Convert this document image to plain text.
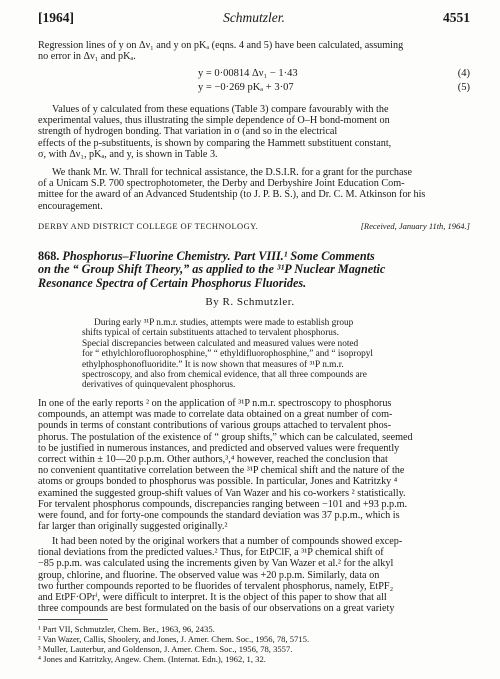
[1964]	Schmutzler.	4551
Regression lines of y on Δν₁ and y on pKₐ (eqns. 4 and 5) have been calculated, assuming
no error in Δν₁ and pKₐ.
y = 0·00814 Δν₁ − 1·43	(4)
y = −0·269 pKₐ + 3·07	(5)
Values of y calculated from these equations (Table 3) compare favourably with the
experimental values, thus illustrating the simple dependence of O–H bond-moment on
strength of hydrogen bonding. That variation in σ (and so in the electrical
effects of the p-substituents, is shown by comparing the Hammett substituent constant,
σ, with Δν₁, pKₐ, and y, is shown in Table 3.
We thank Mr. W. Thrall for technical assistance, the D.S.I.R. for a grant for the purchase
of a Unicam S.P. 700 spectrophotometer, the Derby and Derbyshire Joint Education Com-
mittee for the award of an Advanced Studentship (to J. P. B. S.), and Dr. C. M. Atkinson for his
encouragement.
DERBY AND DISTRICT COLLEGE OF TECHNOLOGY.	[Received, January 11th, 1964.]
868. Phosphorus–Fluorine Chemistry. Part VIII.¹ Some Comments
on the “ Group Shift Theory,” as applied to the ³¹P Nuclear Magnetic
Resonance Spectra of Certain Phosphorus Fluorides.
By R. Schmutzler.
During early ³¹P n.m.r. studies, attempts were made to establish group
shifts typical of certain substituents attached to tervalent phosphorus.
Special discrepancies between calculated and measured values were noted
for “ ethylchlorofluorophosphine,” “ ethyldifluorophosphine,” and “ isopropyl
ethylphosphonofluoridite.” It is now shown that measures of ³¹P n.m.r.
spectroscopy, and also from chemical evidence, that all three compounds are
derivatives of quinquevalent phosphorus.
In one of the early reports ² on the application of ³¹P n.m.r. spectroscopy to phosphorus
compounds, an attempt was made to correlate data obtained on a great number of com-
pounds in terms of constant contributions of various groups attached to tervalent phos-
phorus. The postulation of the existence of “ group shifts,” which can be calculated, seemed
to be justified in numerous instances, and predicted and observed values were frequently
correct within ± 10—20 p.p.m. Other authors,³,⁴ however, reached the conclusion that
no convenient quantitative correlation between the ³¹P chemical shift and the nature of the
atoms or groups bonded to phosphorus was possible. In particular, Jones and Katritzky ⁴
examined the suggested group-shift values of Van Wazer and his co-workers ² statistically.
For tervalent phosphorus compounds, discrepancies ranging between −101 and +93 p.p.m.
were found, and for forty-one compounds the standard deviation was 37 p.p.m., which is
far larger than originally suggested originally.²
It had been noted by the original workers that a number of compounds showed excep-
tional deviations from the predicted values.² Thus, for EtPClF, a ³¹P chemical shift of
−85 p.p.m. was calculated using the increments given by Van Wazer et al.² for the alkyl
group, chlorine, and fluorine. The observed value was +20 p.p.m. Similarly, data on
two further compounds reported to be fluorides of tervalent phosphorus, namely, EtPF₂
and EtPF·OPrⁱ, were difficult to interpret. It is the object of this paper to show that all
three compounds are best formulated on the basis of our observations on a great variety
¹ Part VII, Schmutzler, Chem. Ber., 1963, 96, 2435.
² Van Wazer, Callis, Shoolery, and Jones, J. Amer. Chem. Soc., 1956, 78, 5715.
³ Muller, Lauterbur, and Goldenson, J. Amer. Chem. Soc., 1956, 78, 3557.
⁴ Jones and Katritzky, Angew. Chem. (Internat. Edn.), 1962, 1, 32.
